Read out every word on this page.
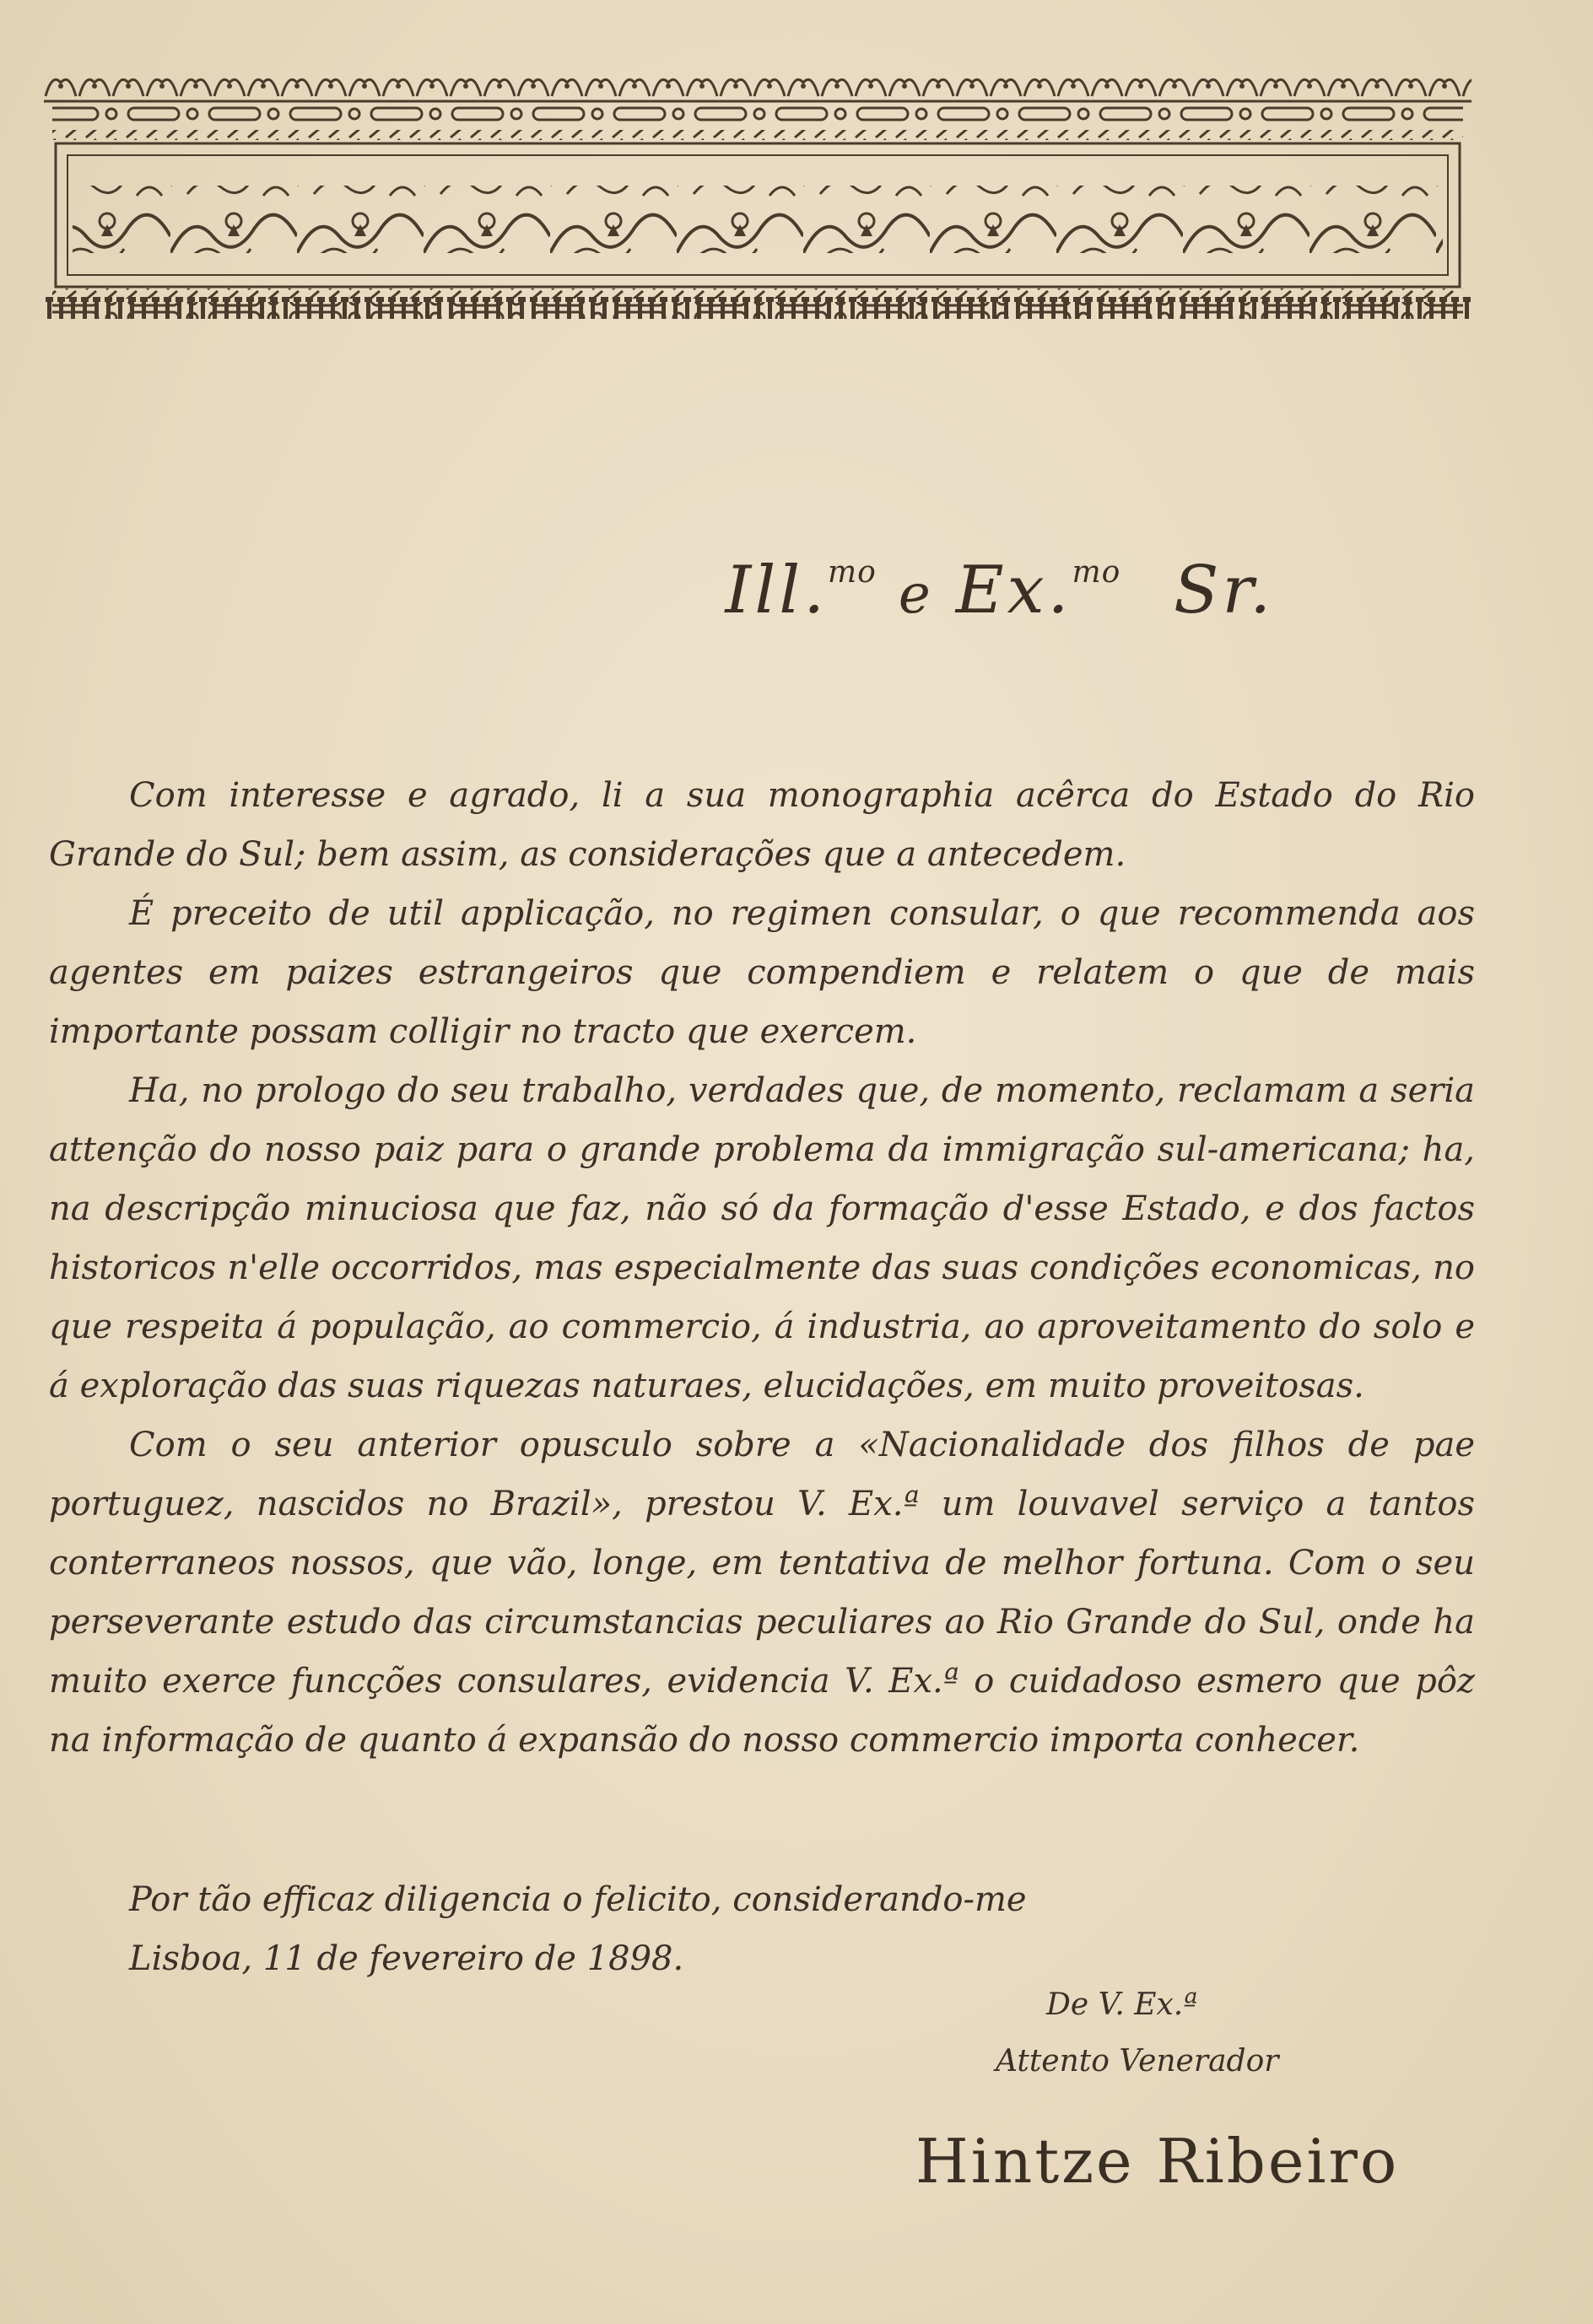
Ill.$^{mo}$ e Ex.$^{mo}$ Sr.

Com interesse e agrado, li a sua monographia acêrca do Estado do Rio Grande do Sul; bem assim, as considerações que a antecedem.

É preceito de util applicação, no regimen consular, o que recommenda aos agentes em paizes estrangeiros que compendiem e relatem o que de mais importante possam colligir no tracto que exercem.

Ha, no prologo do seu trabalho, verdades que, de momento, reclamam a seria attenção do nosso paiz para o grande problema da immigração sul-americana; ha, na descripção minuciosa que faz, não só da formação d'esse Estado, e dos factos historicos n'elle occorridos, mas especialmente das suas condições economicas, no que respeita á população, ao commercio, á industria, ao aproveitamento do solo e á exploração das suas riquezas naturaes, elucidações, em muito proveitosas.

Com o seu anterior opusculo sobre a «Nacionalidade dos filhos de pae portuguez, nascidos no Brazil», prestou V. Ex.ª um louvavel serviço a tantos conterraneos nossos, que vão, longe, em tentativa de melhor fortuna. Com o seu perseverante estudo das circumstancias peculiares ao Rio Grande do Sul, onde ha muito exerce funcções consulares, evidencia V. Ex.ª o cuidadoso esmero que pôz na informação de quanto á expansão do nosso commercio importa conhecer.

Por tão efficaz diligencia o felicito, considerando-me

Lisboa, 11 de fevereiro de 1898.

De V. Ex.ª
Attento Venerador
Hintze Ribeiro
